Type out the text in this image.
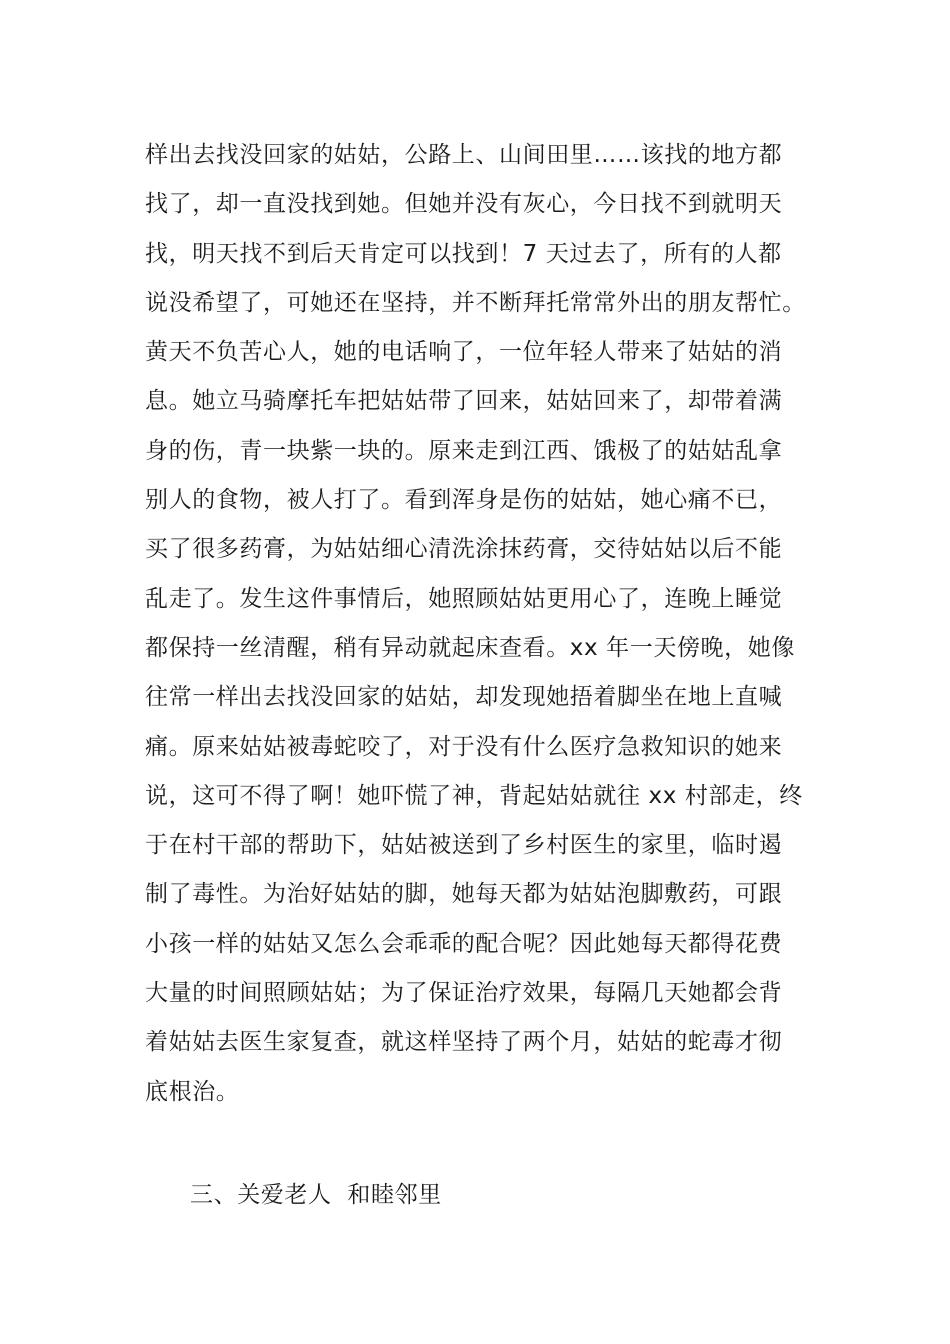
样出去找没回家的姑姑，公路上、山间田里……该找的地方都
找了，却一直没找到她。但她并没有灰心，今日找不到就明天
找，明天找不到后天肯定可以找到！7 天过去了，所有的人都
说没希望了，可她还在坚持，并不断拜托常常外出的朋友帮忙。
黄天不负苦心人，她的电话响了，一位年轻人带来了姑姑的消
息。她立马骑摩托车把姑姑带了回来，姑姑回来了，却带着满
身的伤，青一块紫一块的。原来走到江西、饿极了的姑姑乱拿
别人的食物，被人打了。看到浑身是伤的姑姑，她心痛不已，
买了很多药膏，为姑姑细心清洗涂抹药膏，交待姑姑以后不能
乱走了。发生这件事情后，她照顾姑姑更用心了，连晚上睡觉
都保持一丝清醒，稍有异动就起床查看。xx 年一天傍晚，她像
往常一样出去找没回家的姑姑，却发现她捂着脚坐在地上直喊
痛。原来姑姑被毒蛇咬了，对于没有什么医疗急救知识的她来
说，这可不得了啊！她吓慌了神，背起姑姑就往 xx 村部走，终
于在村干部的帮助下，姑姑被送到了乡村医生的家里，临时遏
制了毒性。为治好姑姑的脚，她每天都为姑姑泡脚敷药，可跟
小孩一样的姑姑又怎么会乖乖的配合呢？因此她每天都得花费
大量的时间照顾姑姑；为了保证治疗效果，每隔几天她都会背
着姑姑去医生家复查，就这样坚持了两个月，姑姑的蛇毒才彻
底根治。
三、关爱老人  和睦邻里
